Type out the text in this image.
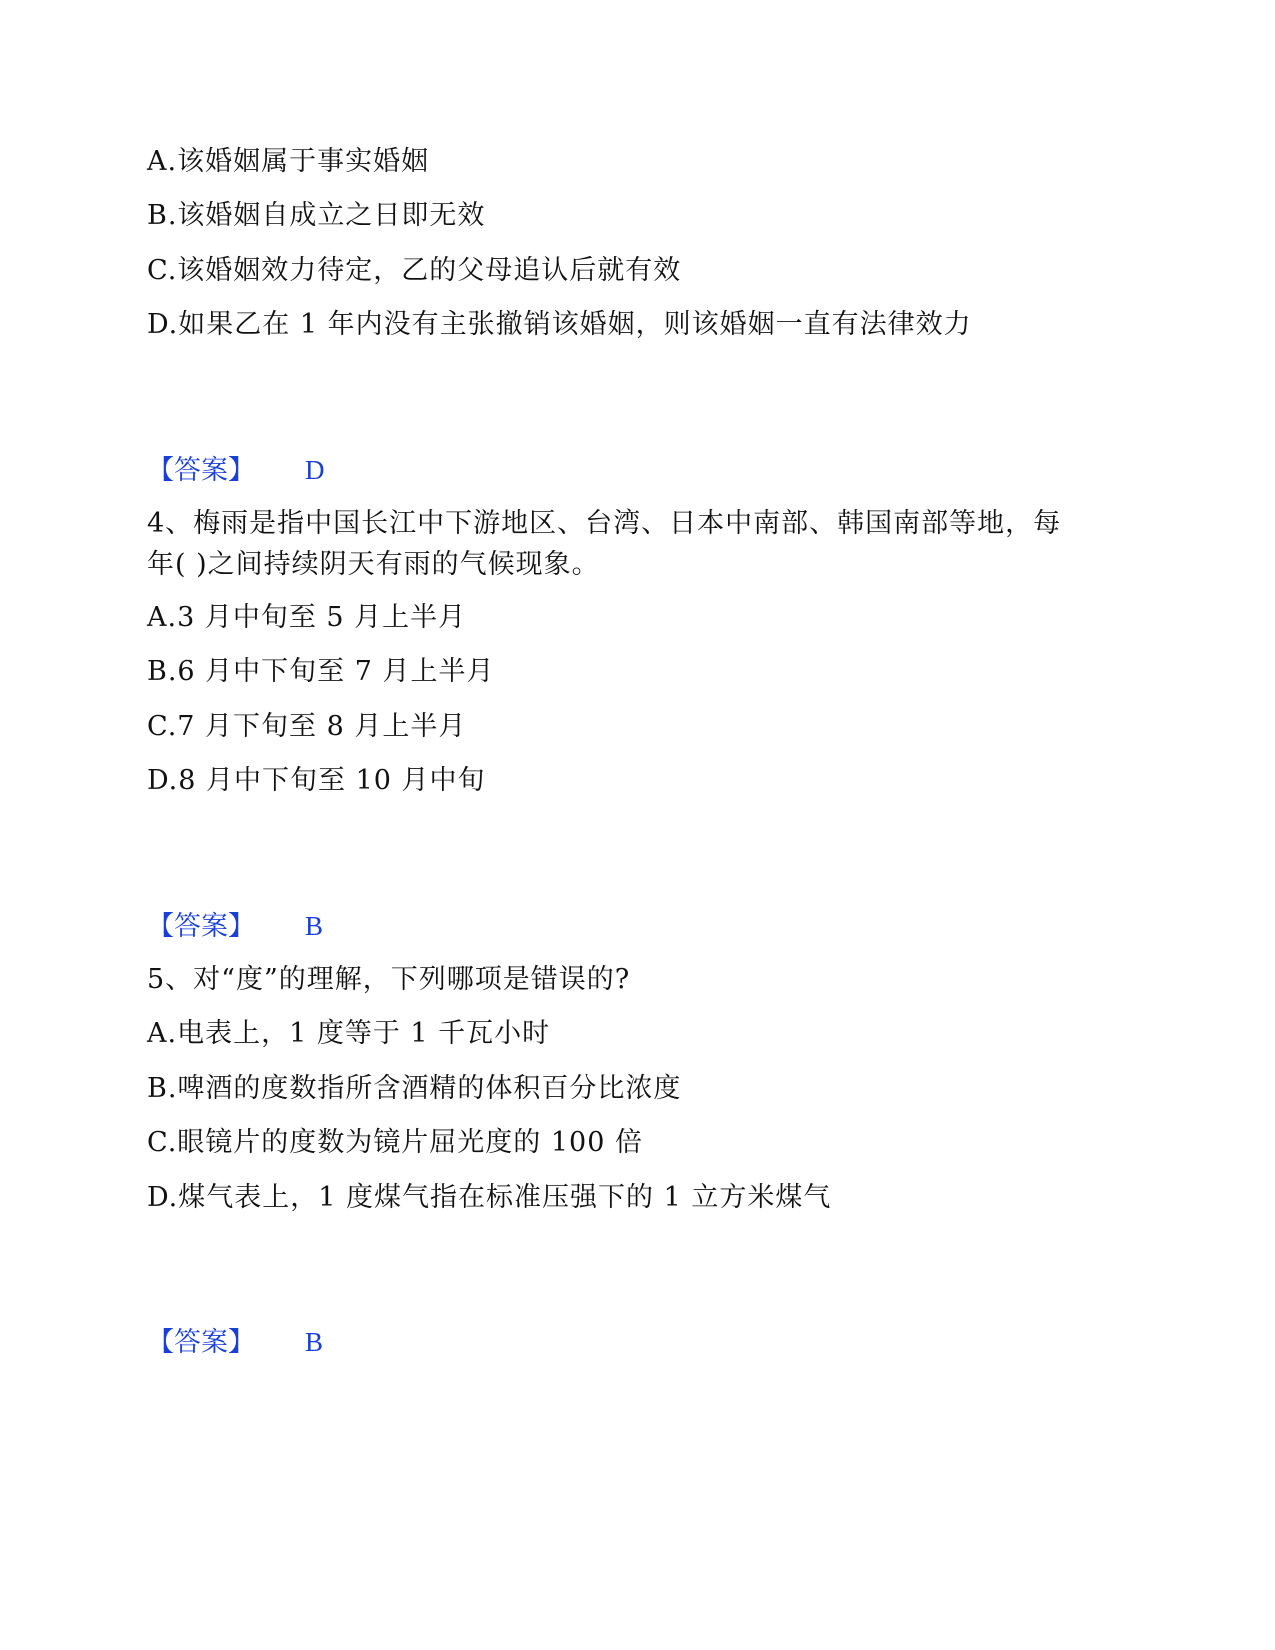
A.该婚姻属于事实婚姻
B.该婚姻自成立之日即无效
C.该婚姻效力待定，乙的父母追认后就有效
D.如果乙在 1 年内没有主张撤销该婚姻，则该婚姻一直有法律效力
【答案】 D
4、梅雨是指中国长江中下游地区、台湾、日本中南部、韩国南部等地，每
年( )之间持续阴天有雨的气候现象。
A.3 月中旬至 5 月上半月
B.6 月中下旬至 7 月上半月
C.7 月下旬至 8 月上半月
D.8 月中下旬至 10 月中旬
【答案】 B
5、对“度”的理解，下列哪项是错误的?
A.电表上，1 度等于 1 千瓦小时
B.啤酒的度数指所含酒精的体积百分比浓度
C.眼镜片的度数为镜片屈光度的 100 倍
D.煤气表上，1 度煤气指在标准压强下的 1 立方米煤气
【答案】 B
